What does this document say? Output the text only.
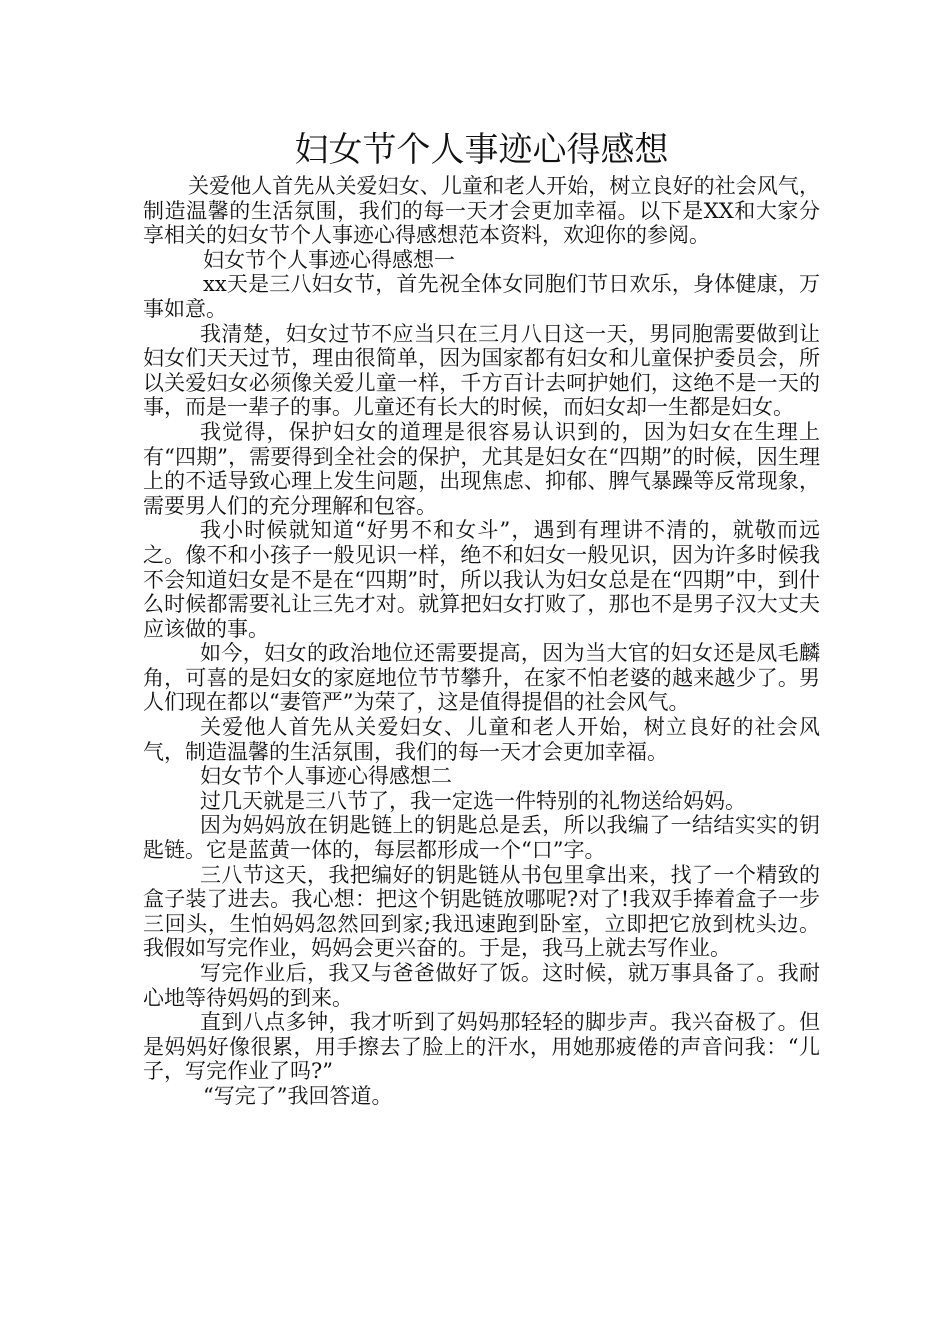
妇女节个人事迹心得感想

关爱他人首先从关爱妇女、儿童和老人开始，树立良好的社会风气，制造温馨的生活氛围，我们的每一天才会更加幸福。以下是XX和大家分享相关的妇女节个人事迹心得感想范本资料，欢迎你的参阅。

妇女节个人事迹心得感想一

xx天是三八妇女节，首先祝全体女同胞们节日欢乐，身体健康，万事如意。

我清楚，妇女过节不应当只在三月八日这一天，男同胞需要做到让妇女们天天过节，理由很简单，因为国家都有妇女和儿童保护委员会，所以关爱妇女必须像关爱儿童一样，千方百计去呵护她们，这绝不是一天的事，而是一辈子的事。儿童还有长大的时候，而妇女却一生都是妇女。

我觉得，保护妇女的道理是很容易认识到的，因为妇女在生理上有“四期”，需要得到全社会的保护，尤其是妇女在“四期”的时候，因生理上的不适导致心理上发生问题，出现焦虑、抑郁、脾气暴躁等反常现象，需要男人们的充分理解和包容。

我小时候就知道“好男不和女斗”，遇到有理讲不清的，就敬而远之。像不和小孩子一般见识一样，绝不和妇女一般见识，因为许多时候我不会知道妇女是不是在“四期”时，所以我认为妇女总是在“四期”中，到什么时候都需要礼让三先才对。就算把妇女打败了，那也不是男子汉大丈夫应该做的事。

如今，妇女的政治地位还需要提高，因为当大官的妇女还是凤毛麟角，可喜的是妇女的家庭地位节节攀升，在家不怕老婆的越来越少了。男人们现在都以“妻管严”为荣了，这是值得提倡的社会风气。

关爱他人首先从关爱妇女、儿童和老人开始，树立良好的社会风气，制造温馨的生活氛围，我们的每一天才会更加幸福。

妇女节个人事迹心得感想二

过几天就是三八节了，我一定选一件特别的礼物送给妈妈。

因为妈妈放在钥匙链上的钥匙总是丢，所以我编了一结结实实的钥匙链。它是蓝黄一体的，每层都形成一个“口”字。

三八节这天，我把编好的钥匙链从书包里拿出来，找了一个精致的盒子装了进去。我心想：把这个钥匙链放哪呢?对了!我双手捧着盒子一步三回头，生怕妈妈忽然回到家;我迅速跑到卧室，立即把它放到枕头边。我假如写完作业，妈妈会更兴奋的。于是，我马上就去写作业。

写完作业后，我又与爸爸做好了饭。这时候，就万事具备了。我耐心地等待妈妈的到来。

直到八点多钟，我才听到了妈妈那轻轻的脚步声。我兴奋极了。但是妈妈好像很累，用手擦去了脸上的汗水，用她那疲倦的声音问我：“儿子，写完作业了吗?”

“写完了”我回答道。
